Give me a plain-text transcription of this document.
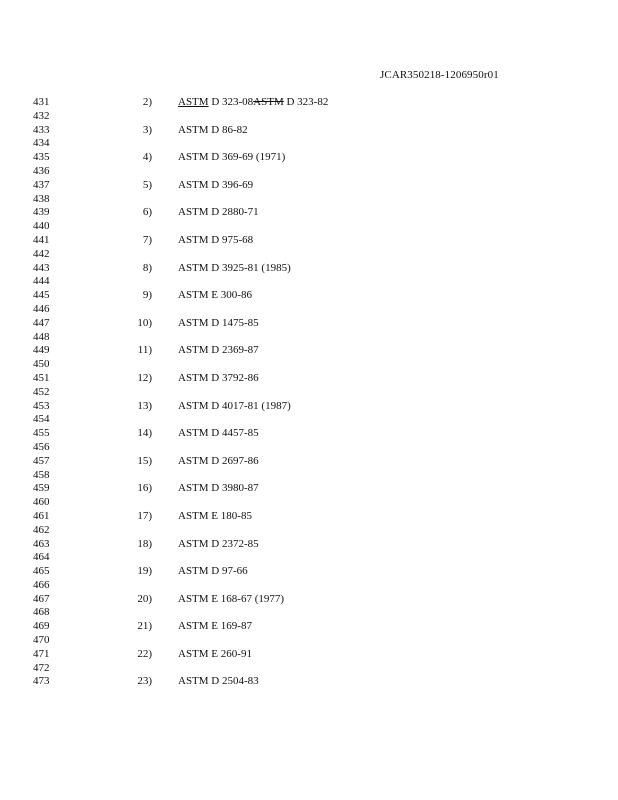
JCAR350218-1206950r01
431	2) ASTM D 323-08ASTM D 323-82
432
433	3) ASTM D 86-82
434
435	4) ASTM D 369-69 (1971)
436
437	5) ASTM D 396-69
438
439	6) ASTM D 2880-71
440
441	7) ASTM D 975-68
442
443	8) ASTM D 3925-81 (1985)
444
445	9) ASTM E 300-86
446
447	10) ASTM D 1475-85
448
449	11) ASTM D 2369-87
450
451	12) ASTM D 3792-86
452
453	13) ASTM D 4017-81 (1987)
454
455	14) ASTM D 4457-85
456
457	15) ASTM D 2697-86
458
459	16) ASTM D 3980-87
460
461	17) ASTM E 180-85
462
463	18) ASTM D 2372-85
464
465	19) ASTM D 97-66
466
467	20) ASTM E 168-67 (1977)
468
469	21) ASTM E 169-87
470
471	22) ASTM E 260-91
472
473	23) ASTM D 2504-83
